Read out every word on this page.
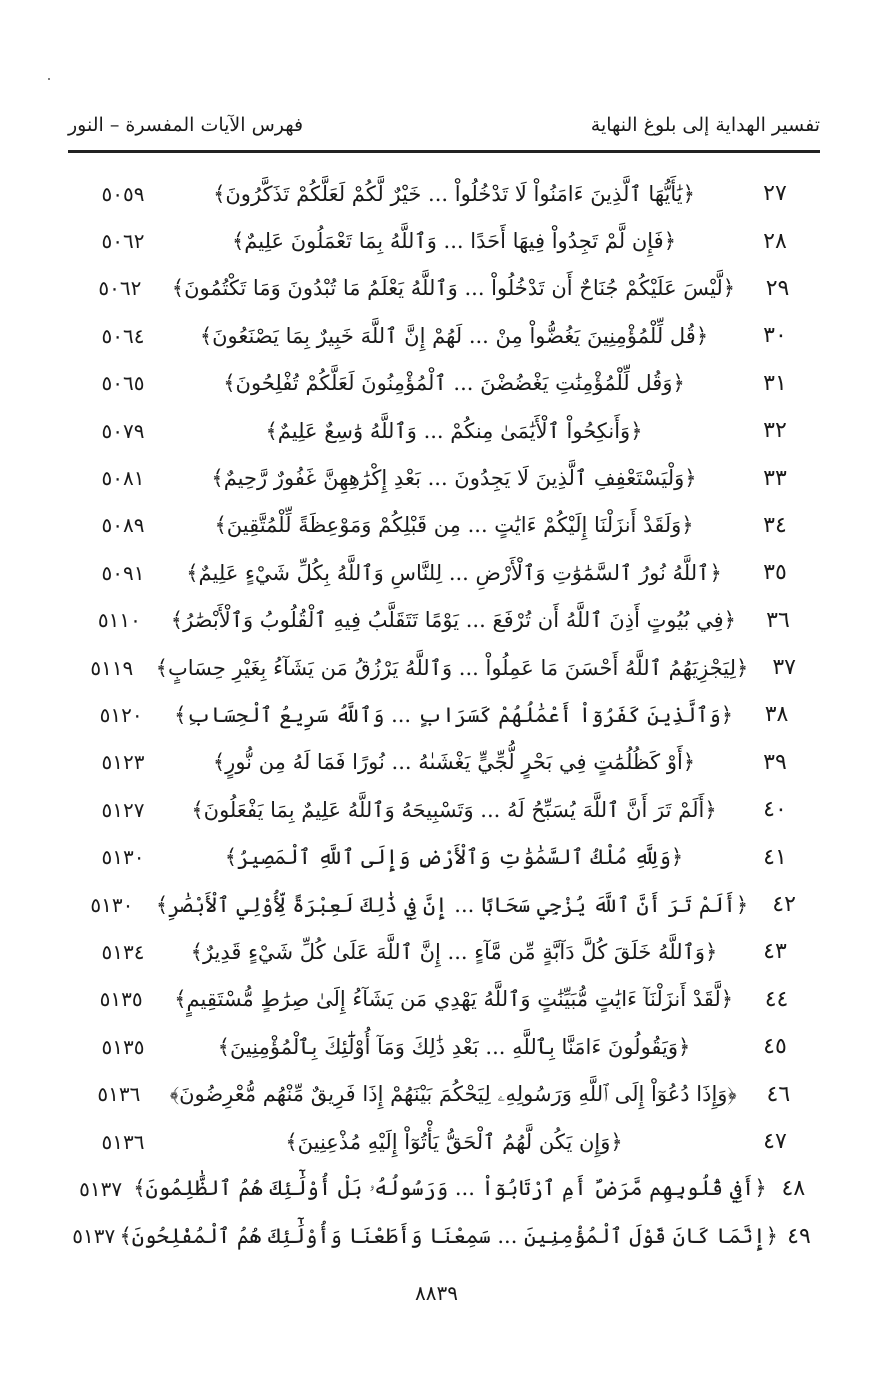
تفسير الهداية إلى بلوغ النهاية
فهرس الآيات المفسرة – النور
٢٧
﴿يَٰأَيُّهَا ٱلَّذِينَ ءَامَنُواْ لَا تَدْخُلُواْ ... خَيْرٌ لَّكُمْ لَعَلَّكُمْ تَذَكَّرُونَ﴾
٥٠٥٩
٢٨
﴿فَإِن لَّمْ تَجِدُواْ فِيهَا أَحَدًا ... وَٱللَّهُ بِمَا تَعْمَلُونَ عَلِيمٌ﴾
٥٠٦٢
٢٩
﴿لَّيْسَ عَلَيْكُمْ جُنَاحٌ أَن تَدْخُلُواْ ... وَٱللَّهُ يَعْلَمُ مَا تُبْدُونَ وَمَا تَكْتُمُونَ﴾
٥٠٦٢
٣٠
﴿قُل لِّلْمُؤْمِنِينَ يَغُضُّواْ مِنْ ... لَهُمْ إِنَّ ٱللَّهَ خَبِيرٌ بِمَا يَصْنَعُونَ﴾
٥٠٦٤
٣١
﴿وَقُل لِّلْمُؤْمِنَٰتِ يَغْضُضْنَ ... ٱلْمُؤْمِنُونَ لَعَلَّكُمْ تُفْلِحُونَ﴾
٥٠٦٥
٣٢
﴿وَأَنكِحُواْ ٱلْأَيَٰمَىٰ مِنكُمْ ... وَٱللَّهُ وَٰسِعٌ عَلِيمٌ﴾
٥٠٧٩
٣٣
﴿وَلْيَسْتَعْفِفِ ٱلَّذِينَ لَا يَجِدُونَ ... بَعْدِ إِكْرَٰهِهِنَّ غَفُورٌ رَّحِيمٌ﴾
٥٠٨١
٣٤
﴿وَلَقَدْ أَنزَلْنَا إِلَيْكُمْ ءَايَٰتٍ ... مِن قَبْلِكُمْ وَمَوْعِظَةً لِّلْمُتَّقِينَ﴾
٥٠٨٩
٣٥
﴿ٱللَّهُ نُورُ ٱلسَّمَٰوَٰتِ وَٱلْأَرْضِ ... لِلنَّاسِ وَٱللَّهُ بِكُلِّ شَيْءٍ عَلِيمٌ﴾
٥٠٩١
٣٦
﴿فِي بُيُوتٍ أَذِنَ ٱللَّهُ أَن تُرْفَعَ ... يَوْمًا تَتَقَلَّبُ فِيهِ ٱلْقُلُوبُ وَٱلْأَبْصَٰرُ﴾
٥١١٠
٣٧
﴿لِيَجْزِيَهُمُ ٱللَّهُ أَحْسَنَ مَا عَمِلُواْ ... وَٱللَّهُ يَرْزُقُ مَن يَشَآءُ بِغَيْرِ حِسَابٍ﴾
٥١١٩
٣٨
﴿وَٱلَّذِينَ كَفَرُوٓاْ أَعْمَٰلُهُمْ كَسَرَابٍ ... وَٱللَّهُ سَرِيعُ ٱلْحِسَابِ﴾
٥١٢٠
٣٩
﴿أَوْ كَظُلُمَٰتٍ فِي بَحْرٍ لُّجِّيٍّ يَغْشَىٰهُ ... نُورًا فَمَا لَهُ مِن نُّورٍ﴾
٥١٢٣
٤٠
﴿أَلَمْ تَرَ أَنَّ ٱللَّهَ يُسَبِّحُ لَهُ ... وَتَسْبِيحَهُ وَٱللَّهُ عَلِيمٌ بِمَا يَفْعَلُونَ﴾
٥١٢٧
٤١
﴿وَلِلَّهِ مُلْكُ ٱلسَّمَٰوَٰتِ وَٱلْأَرْضِ وَإِلَى ٱللَّهِ ٱلْمَصِيرُ﴾
٥١٣٠
٤٢
﴿أَلَمْ تَرَ أَنَّ ٱللَّهَ يُزْجِي سَحَابًا ... إِنَّ فِي ذَٰلِكَ لَعِبْرَةً لِّأُوْلِي ٱلْأَبْصَٰرِ﴾
٥١٣٠
٤٣
﴿وَٱللَّهُ خَلَقَ كُلَّ دَآبَّةٍ مِّن مَّآءٍ ... إِنَّ ٱللَّهَ عَلَىٰ كُلِّ شَيْءٍ قَدِيرٌ﴾
٥١٣٤
٤٤
﴿لَّقَدْ أَنزَلْنَآ ءَايَٰتٍ مُّبَيِّنَٰتٍ وَٱللَّهُ يَهْدِي مَن يَشَآءُ إِلَىٰ صِرَٰطٍ مُّسْتَقِيمٍ﴾
٥١٣٥
٤٥
﴿وَيَقُولُونَ ءَامَنَّا بِٱللَّهِ ... بَعْدِ ذَٰلِكَ وَمَآ أُوْلَٰٓئِكَ بِٱلْمُؤْمِنِينَ﴾
٥١٣٥
٤٦
﴿وَإِذَا دُعُوٓاْ إِلَى ٱللَّهِ وَرَسُولِهِۦ لِيَحْكُمَ بَيْنَهُمْ إِذَا فَرِيقٌ مِّنْهُم مُّعْرِضُونَ﴾
٥١٣٦
٤٧
﴿وَإِن يَكُن لَّهُمُ ٱلْحَقُّ يَأْتُوٓاْ إِلَيْهِ مُذْعِنِينَ﴾
٥١٣٦
٤٨
﴿أَفِي قُلُوبِهِم مَّرَضٌ أَمِ ٱرْتَابُوٓاْ ... وَرَسُولُهُۥ بَلْ أُوْلَٰٓئِكَ هُمُ ٱلظَّٰلِمُونَ﴾
٥١٣٧
٤٩
﴿إِنَّمَا كَانَ قَوْلَ ٱلْمُؤْمِنِينَ ... سَمِعْنَا وَأَطَعْنَا وَأُوْلَٰٓئِكَ هُمُ ٱلْمُفْلِحُونَ﴾
٥١٣٧
٨٨٣٩
